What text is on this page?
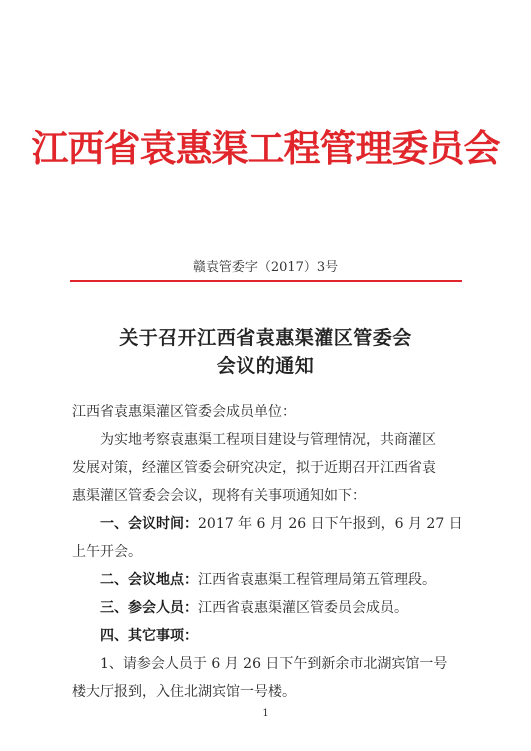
江西省袁惠渠工程管理委员会
赣袁管委字（2017）3号
关于召开江西省袁惠渠灌区管委会
会议的通知
江西省袁惠渠灌区管委会成员单位：
为实地考察袁惠渠工程项目建设与管理情况，共商灌区
发展对策，经灌区管委会研究决定，拟于近期召开江西省袁
惠渠灌区管委会会议，现将有关事项通知如下：
一、会议时间：2017 年 6 月 26 日下午报到，6 月 27 日
上午开会。
二、会议地点：江西省袁惠渠工程管理局第五管理段。
三、参会人员：江西省袁惠渠灌区管委员会成员。
四、其它事项：
1、请参会人员于 6 月 26 日下午到新余市北湖宾馆一号
楼大厅报到，入住北湖宾馆一号楼。
1
